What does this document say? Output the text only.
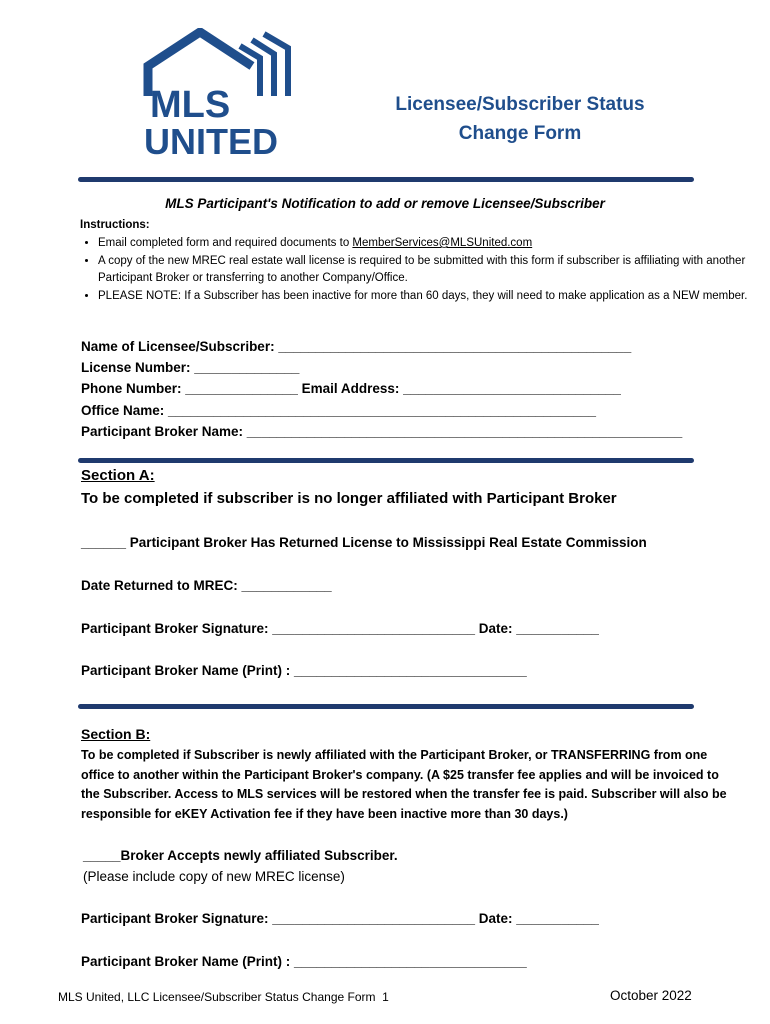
MLS
UNITED
Licensee/Subscriber Status
Change Form
MLS Participant's Notification to add or remove Licensee/Subscriber
Instructions:
• Email completed form and required documents to MemberServices@MLSUnited.com
• A copy of the new MREC real estate wall license is required to be submitted with this form if subscriber is affiliating with another Participant Broker or transferring to another Company/Office.
• PLEASE NOTE: If a Subscriber has been inactive for more than 60 days, they will need to make application as a NEW member.
Name of Licensee/Subscriber: _______________________________________________
License Number: ______________
Phone Number: _______________ Email Address: _____________________________
Office Name: _________________________________________________________
Participant Broker Name: __________________________________________________________
Section A:
To be completed if subscriber is no longer affiliated with Participant Broker
______ Participant Broker Has Returned License to Mississippi Real Estate Commission
Date Returned to MREC: ____________
Participant Broker Signature: ___________________________ Date: ___________
Participant Broker Name (Print) : _______________________________
Section B:
To be completed if Subscriber is newly affiliated with the Participant Broker, or TRANSFERRING from one office to another within the Participant Broker's company. (A $25 transfer fee applies and will be invoiced to the Subscriber. Access to MLS services will be restored when the transfer fee is paid. Subscriber will also be responsible for eKEY Activation fee if they have been inactive more than 30 days.)
_____Broker Accepts newly affiliated Subscriber.
(Please include copy of new MREC license)
Participant Broker Signature: ___________________________ Date: ___________
Participant Broker Name (Print) : _______________________________
MLS United, LLC Licensee/Subscriber Status Change Form  1	October 2022
